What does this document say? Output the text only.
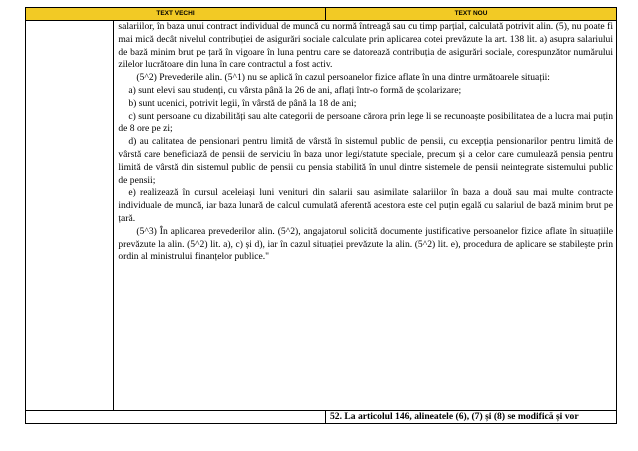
TEXT VECHI	TEXT NOU

salariilor, în baza unui contract individual de muncă cu normă întreagă sau cu timp parțial, calculată potrivit alin. (5), nu poate fi mai mică decât nivelul contribuției de asigurări sociale calculate prin aplicarea cotei prevăzute la art. 138 lit. a) asupra salariului de bază minim brut pe țară în vigoare în luna pentru care se datorează contribuția de asigurări sociale, corespunzător numărului zilelor lucrătoare din luna în care contractul a fost activ.

(5^2) Prevederile alin. (5^1) nu se aplică în cazul persoanelor fizice aflate în una dintre următoarele situații:

a) sunt elevi sau studenți, cu vârsta până la 26 de ani, aflați într-o formă de școlarizare;

b) sunt ucenici, potrivit legii, în vârstă de până la 18 de ani;

c) sunt persoane cu dizabilități sau alte categorii de persoane cărora prin lege li se recunoaște posibilitatea de a lucra mai puțin de 8 ore pe zi;

d) au calitatea de pensionari pentru limită de vârstă în sistemul public de pensii, cu excepția pensionarilor pentru limită de vârstă care beneficiază de pensii de serviciu în baza unor legi/statute speciale, precum și a celor care cumulează pensia pentru limită de vârstă din sistemul public de pensii cu pensia stabilită în unul dintre sistemele de pensii neintegrate sistemului public de pensii;

e) realizează în cursul aceleiași luni venituri din salarii sau asimilate salariilor în baza a două sau mai multe contracte individuale de muncă, iar baza lunară de calcul cumulată aferentă acestora este cel puțin egală cu salariul de bază minim brut pe țară.

(5^3) În aplicarea prevederilor alin. (5^2), angajatorul solicită documente justificative persoanelor fizice aflate în situațiile prevăzute la alin. (5^2) lit. a), c) și d), iar în cazul situației prevăzute la alin. (5^2) lit. e), procedura de aplicare se stabilește prin ordin al ministrului finanțelor publice."

52. La articolul 146, alineatele (6), (7) și (8) se modifică și vor
